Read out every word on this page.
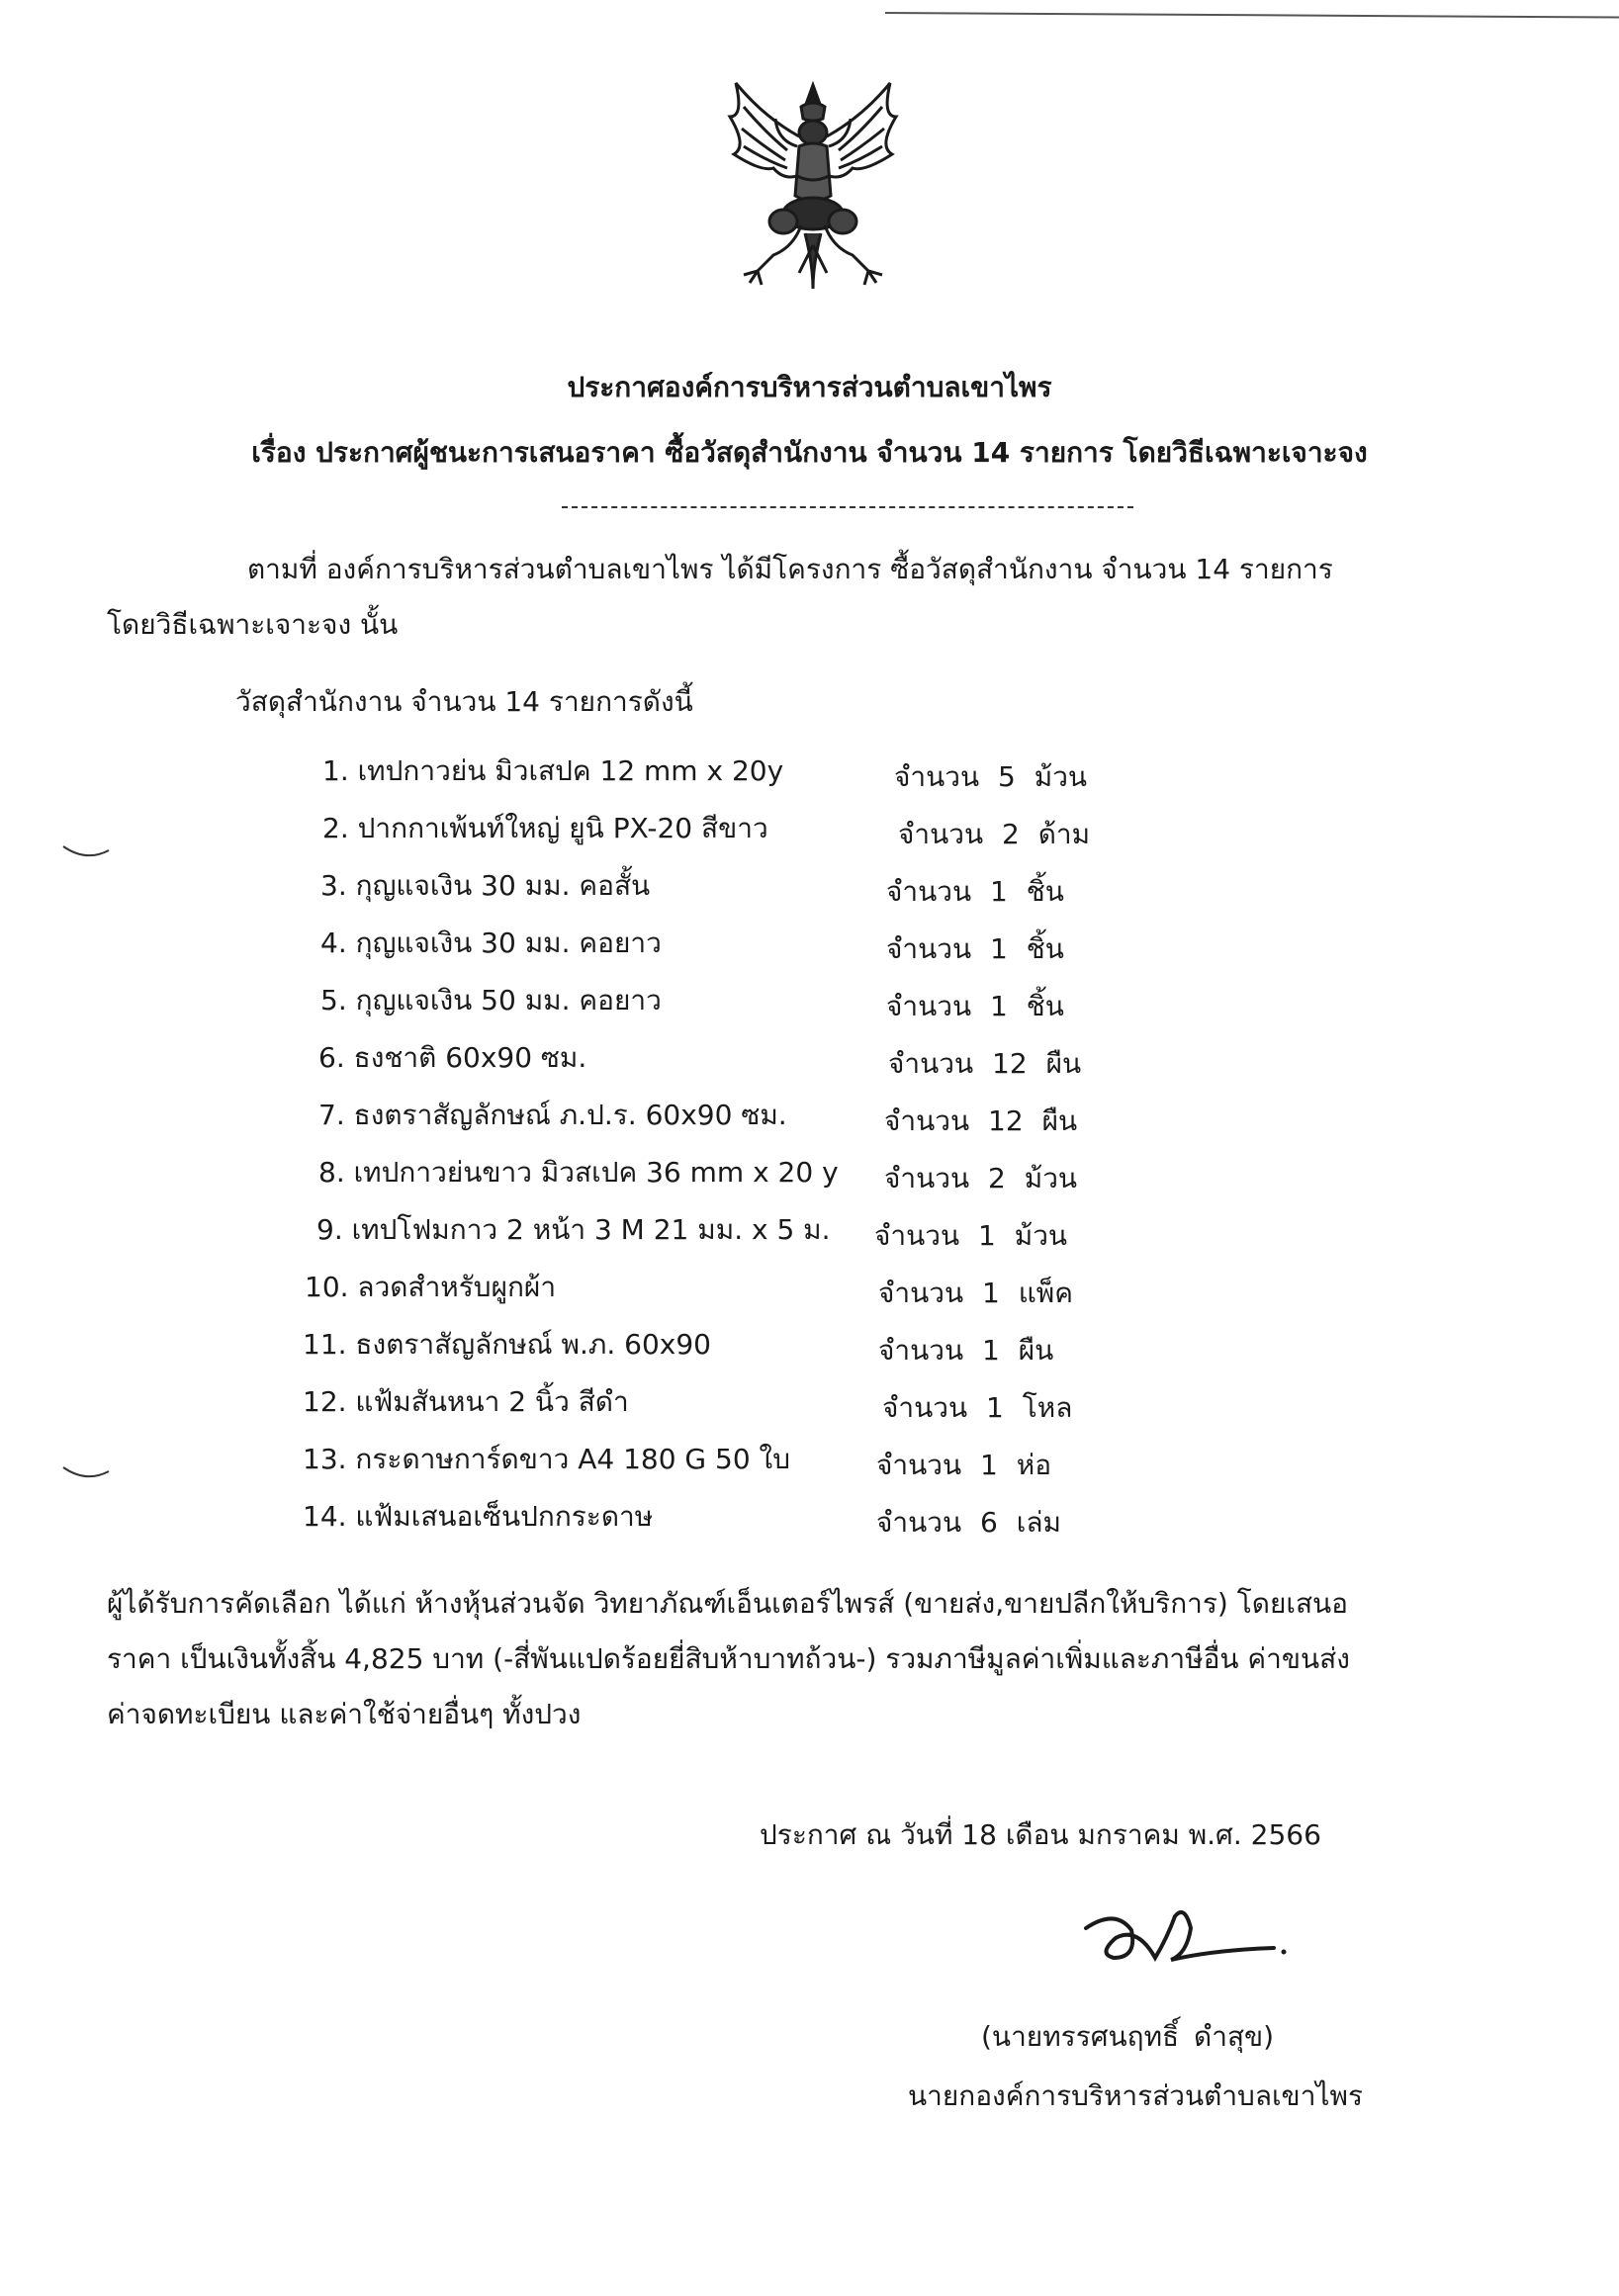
ประกาศองค์การบริหารส่วนตำบลเขาไพร
เรื่อง ประกาศผู้ชนะการเสนอราคา ซื้อวัสดุสำนักงาน จำนวน 14 รายการ โดยวิธีเฉพาะเจาะจง
ตามที่ องค์การบริหารส่วนตำบลเขาไพร ได้มีโครงการ ซื้อวัสดุสำนักงาน จำนวน 14 รายการ โดยวิธีเฉพาะเจาะจง นั้น
วัสดุสำนักงาน จำนวน 14 รายการดังนี้
1. เทปกาวย่น มิวเสปค 12 mm x 20y	จำนวน 5 ม้วน
2. ปากกาเพ้นท์ใหญ่ ยูนิ PX-20 สีขาว	จำนวน 2 ด้าม
3. กุญแจเงิน 30 มม. คอสั้น	จำนวน 1 ชิ้น
4. กุญแจเงิน 30 มม. คอยาว	จำนวน 1 ชิ้น
5. กุญแจเงิน 50 มม. คอยาว	จำนวน 1 ชิ้น
6. ธงชาติ 60x90 ซม.	จำนวน 12 ผืน
7. ธงตราสัญลักษณ์ ภ.ป.ร. 60x90 ซม.	จำนวน 12 ผืน
8. เทปกาวย่นขาว มิวสเปค 36 mm x 20 y จำนวน 2 ม้วน
9. เทปโฟมกาว 2 หน้า 3 M 21 มม. x 5 ม. จำนวน 1 ม้วน
10. ลวดสำหรับผูกผ้า	จำนวน 1 แพ็ค
11. ธงตราสัญลักษณ์ พ.ภ. 60x90	จำนวน 1 ผืน
12. แฟ้มสันหนา 2 นิ้ว สีดำ	จำนวน 1 โหล
13. กระดาษการ์ดขาว A4 180 G 50 ใบ	จำนวน 1 ห่อ
14. แฟ้มเสนอเซ็นปกกระดาษ	จำนวน 6 เล่ม
ผู้ได้รับการคัดเลือก ได้แก่ ห้างหุ้นส่วนจัด วิทยาภัณฑ์เอ็นเตอร์ไพรส์ (ขายส่ง,ขายปลีกให้บริการ) โดยเสนอราคา เป็นเงินทั้งสิ้น 4,825 บาท (-สี่พันแปดร้อยยี่สิบห้าบาทถ้วน-) รวมภาษีมูลค่าเพิ่มและภาษีอื่น ค่าขนส่ง ค่าจดทะเบียน และค่าใช้จ่ายอื่นๆ ทั้งปวง
ประกาศ ณ วันที่ 18 เดือน มกราคม พ.ศ. 2566
(นายทรรศนฤทธิ์ ดำสุข)
นายกองค์การบริหารส่วนตำบลเขาไพร
